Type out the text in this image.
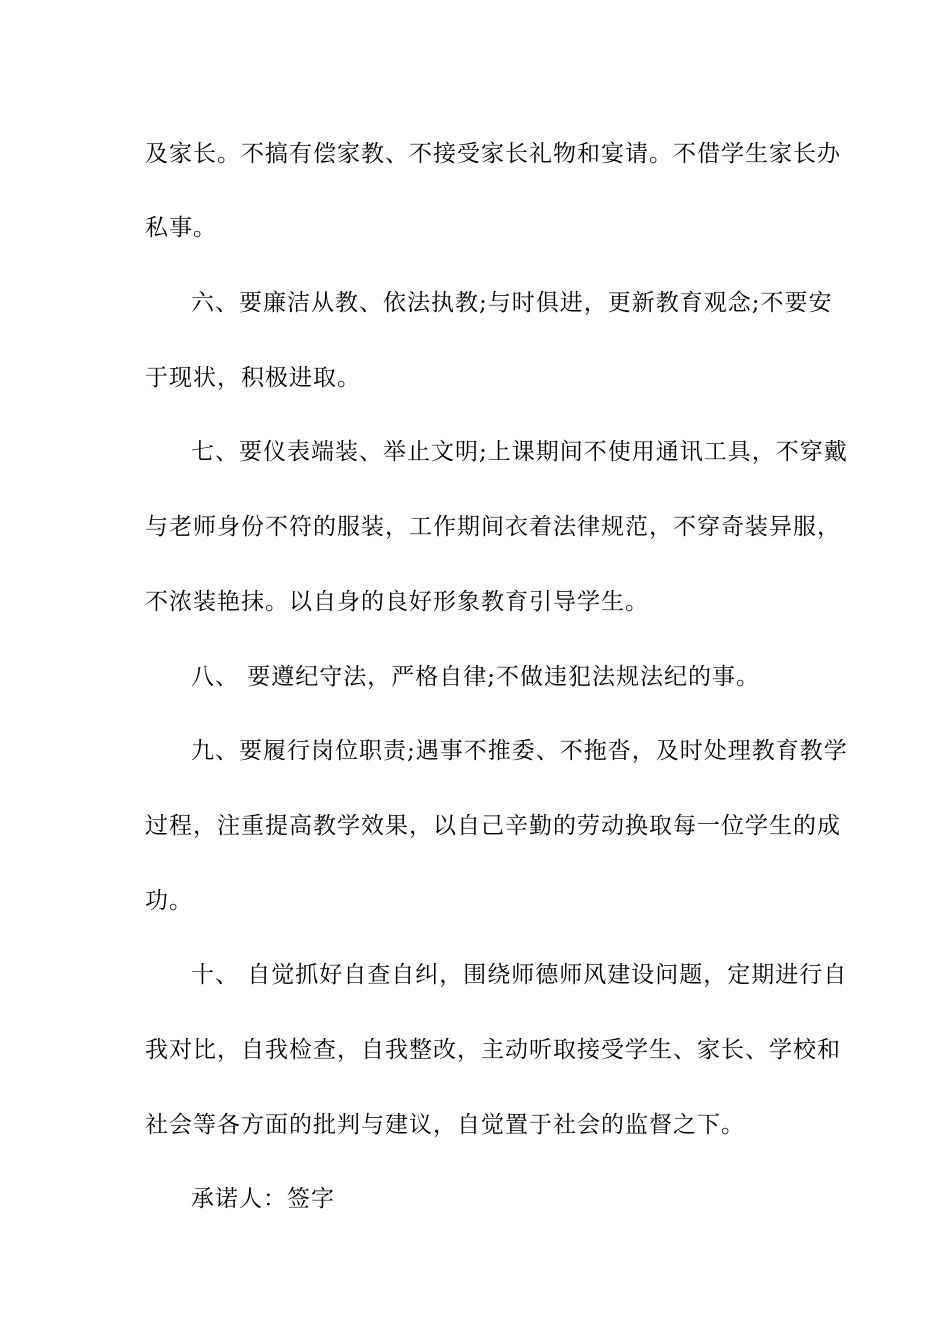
及家长。不搞有偿家教、不接受家长礼物和宴请。不借学生家长办
私事。
六、要廉洁从教、依法执教;与时俱进，更新教育观念;不要安
于现状，积极进取。
七、要仪表端装、举止文明;上课期间不使用通讯工具，不穿戴
与老师身份不符的服装，工作期间衣着法律规范，不穿奇装异服，
不浓装艳抹。以自身的良好形象教育引导学生。
八、 要遵纪守法，严格自律;不做违犯法规法纪的事。
九、要履行岗位职责;遇事不推委、不拖沓，及时处理教育教学
过程，注重提高教学效果，以自己辛勤的劳动换取每一位学生的成
功。
十、 自觉抓好自查自纠，围绕师德师风建设问题，定期进行自
我对比，自我检查，自我整改，主动听取接受学生、家长、学校和
社会等各方面的批判与建议，自觉置于社会的监督之下。
承诺人：签字
